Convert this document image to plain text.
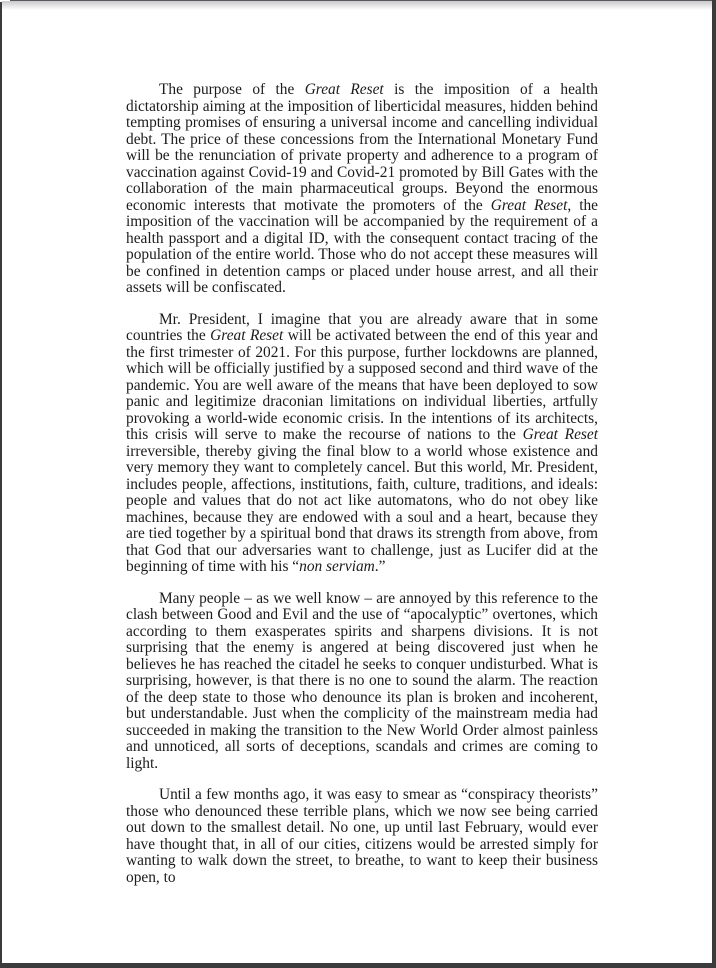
The purpose of the Great Reset is the imposition of a health dictatorship aiming at the imposition of liberticidal measures, hidden behind tempting promises of ensuring a universal income and cancelling individual debt. The price of these concessions from the International Monetary Fund will be the renunciation of private property and adherence to a program of vaccination against Covid-19 and Covid-21 promoted by Bill Gates with the collaboration of the main pharmaceutical groups. Beyond the enormous economic interests that motivate the promoters of the Great Reset, the imposition of the vaccination will be accompanied by the requirement of a health passport and a digital ID, with the consequent contact tracing of the population of the entire world. Those who do not accept these measures will be confined in detention camps or placed under house arrest, and all their assets will be confiscated.

Mr. President, I imagine that you are already aware that in some countries the Great Reset will be activated between the end of this year and the first trimester of 2021. For this purpose, further lockdowns are planned, which will be officially justified by a supposed second and third wave of the pandemic. You are well aware of the means that have been deployed to sow panic and legitimize draconian limitations on individual liberties, artfully provoking a world-wide economic crisis. In the intentions of its architects, this crisis will serve to make the recourse of nations to the Great Reset irreversible, thereby giving the final blow to a world whose existence and very memory they want to completely cancel. But this world, Mr. President, includes people, affections, institutions, faith, culture, traditions, and ideals: people and values that do not act like automatons, who do not obey like machines, because they are endowed with a soul and a heart, because they are tied together by a spiritual bond that draws its strength from above, from that God that our adversaries want to challenge, just as Lucifer did at the beginning of time with his “non serviam.”

Many people – as we well know – are annoyed by this reference to the clash between Good and Evil and the use of “apocalyptic” overtones, which according to them exasperates spirits and sharpens divisions. It is not surprising that the enemy is angered at being discovered just when he believes he has reached the citadel he seeks to conquer undisturbed. What is surprising, however, is that there is no one to sound the alarm. The reaction of the deep state to those who denounce its plan is broken and incoherent, but understandable. Just when the complicity of the mainstream media had succeeded in making the transition to the New World Order almost painless and unnoticed, all sorts of deceptions, scandals and crimes are coming to light.

Until a few months ago, it was easy to smear as “conspiracy theorists” those who denounced these terrible plans, which we now see being carried out down to the smallest detail. No one, up until last February, would ever have thought that, in all of our cities, citizens would be arrested simply for wanting to walk down the street, to breathe, to want to keep their business open, to
